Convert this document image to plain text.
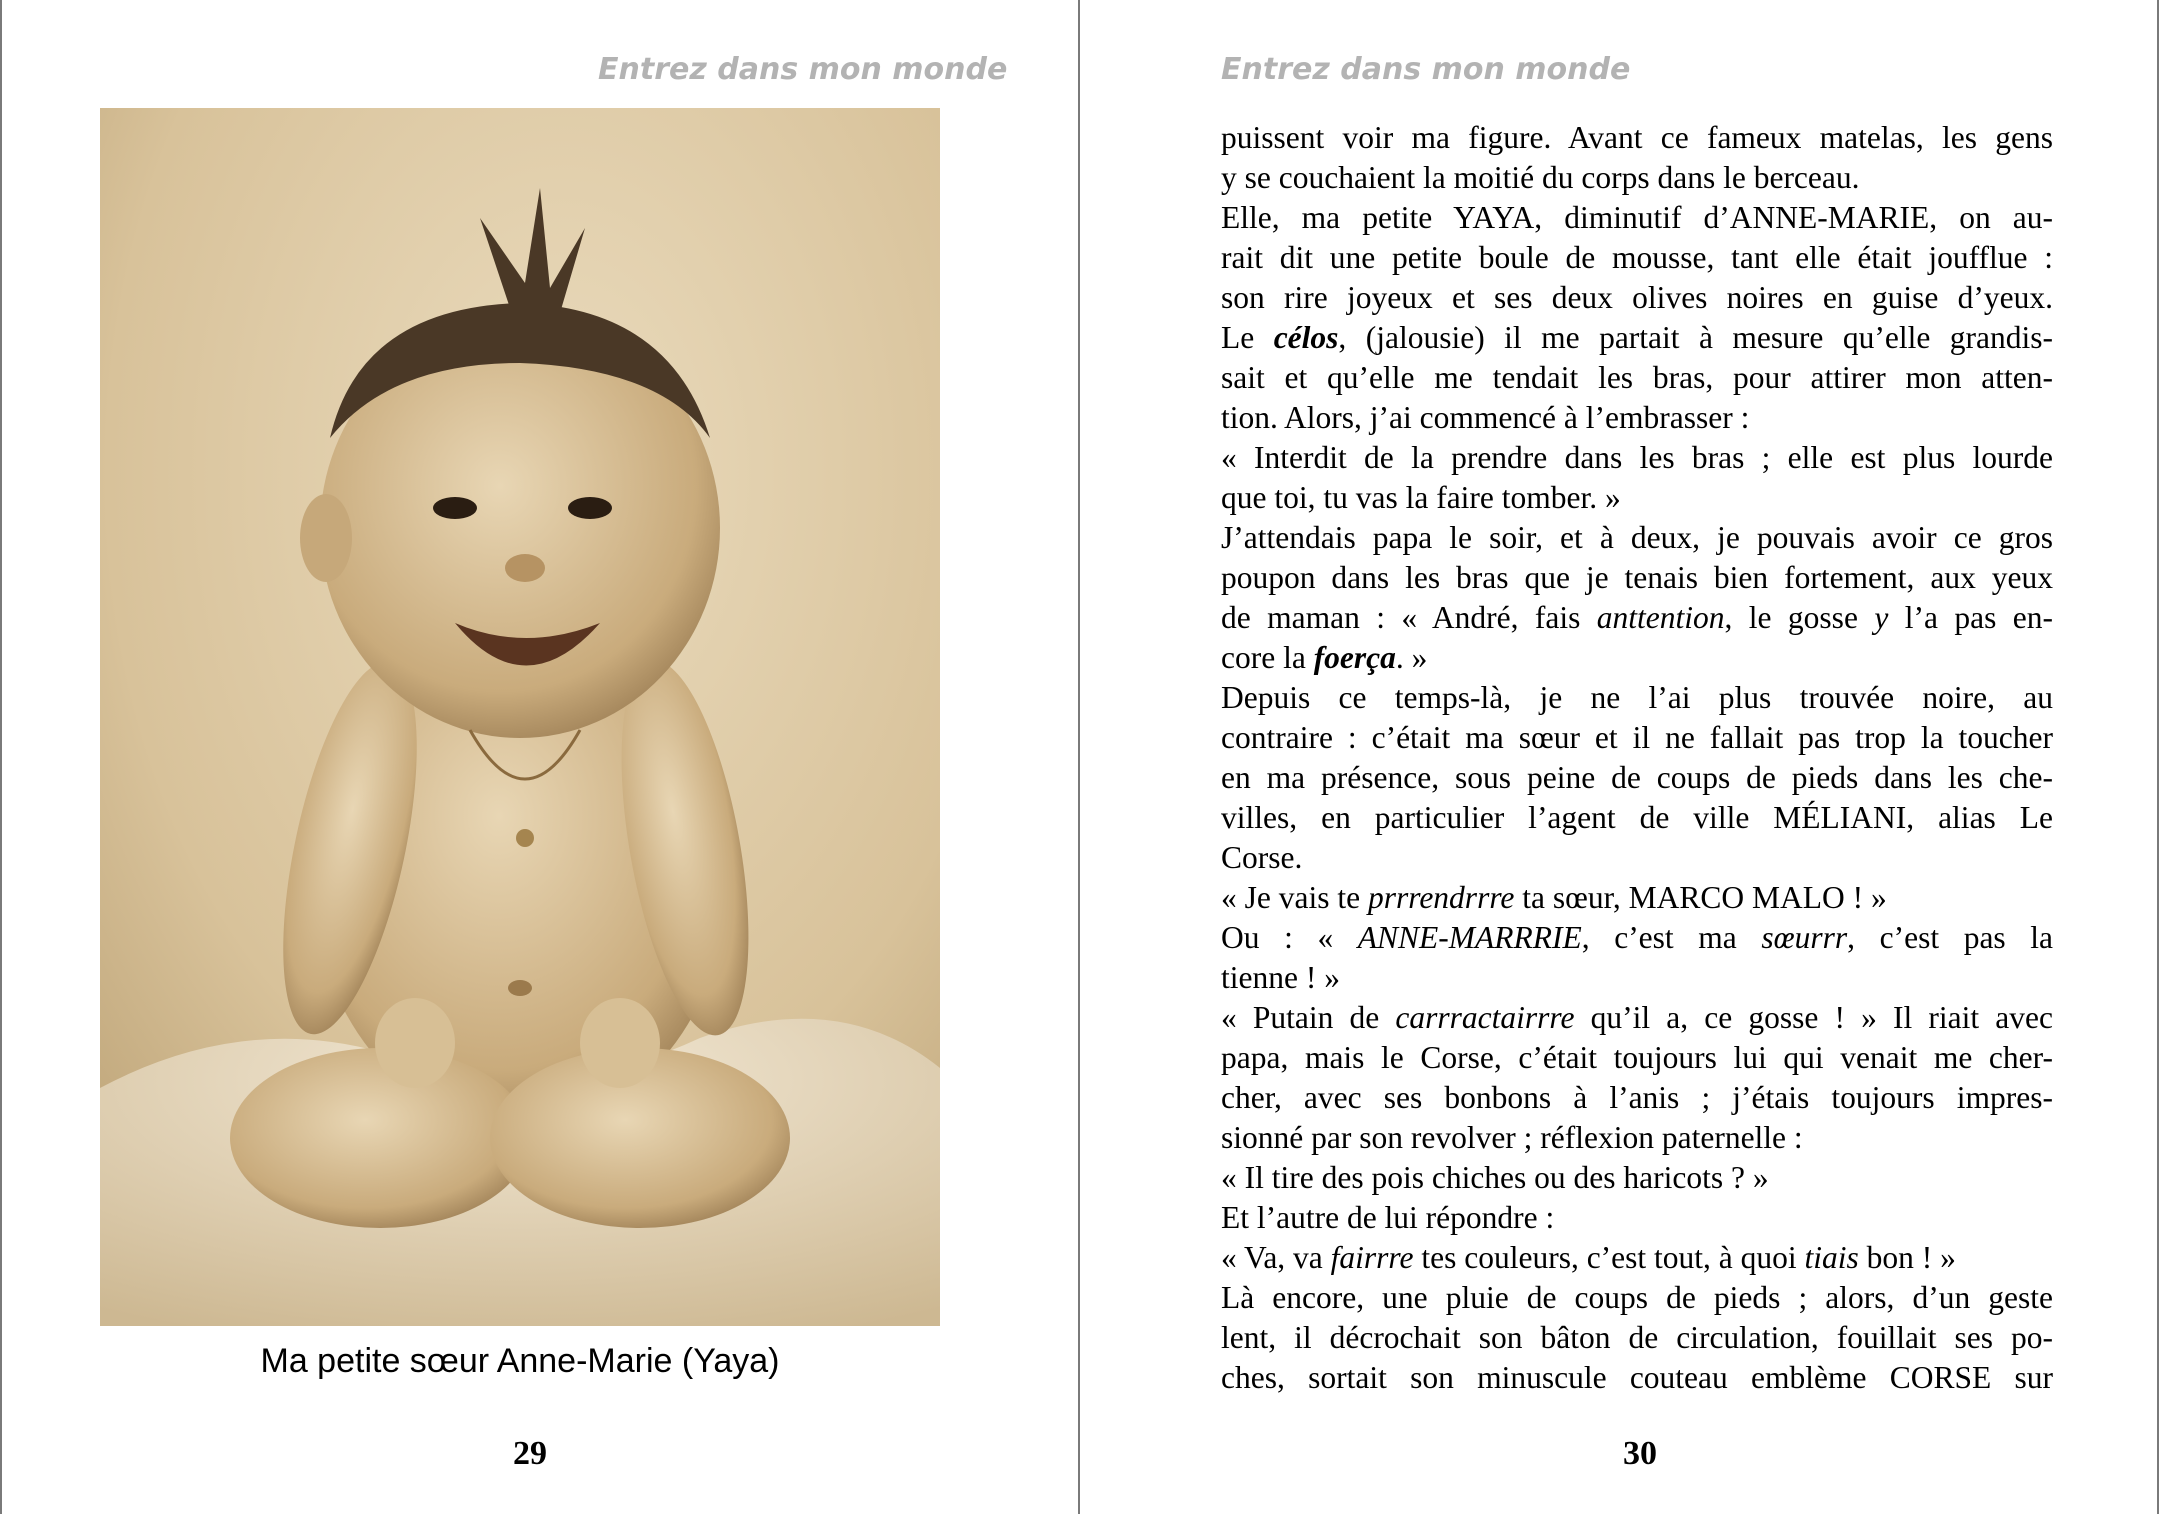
Entrez dans mon monde	Entrez dans mon monde
Ma petite sœur Anne-Marie (Yaya)
29	30
puissent voir ma figure. Avant ce fameux matelas, les gens
y se couchaient la moitié du corps dans le berceau.
Elle, ma petite YAYA, diminutif d’ANNE-MARIE, on au-
rait dit une petite boule de mousse, tant elle était joufflue :
son rire joyeux et ses deux olives noires en guise d’yeux.
Le célos, (jalousie) il me partait à mesure qu’elle grandis-
sait et qu’elle me tendait les bras, pour attirer mon atten-
tion. Alors, j’ai commencé à l’embrasser :
« Interdit de la prendre dans les bras ; elle est plus lourde
que toi, tu vas la faire tomber. »
J’attendais papa le soir, et à deux, je pouvais avoir ce gros
poupon dans les bras que je tenais bien fortement, aux yeux
de maman : « André, fais anttention, le gosse y l’a pas en-
core la foerça. »
Depuis ce temps-là, je ne l’ai plus trouvée noire, au
contraire : c’était ma sœur et il ne fallait pas trop la toucher
en ma présence, sous peine de coups de pieds dans les che-
villes, en particulier l’agent de ville MÉLIANI, alias Le
Corse.
« Je vais te prrrendrrre ta sœur, MARCO MALO ! »
Ou : « ANNE-MARRRIE, c’est ma sœurrr, c’est pas la
tienne ! »
« Putain de carrractairrre qu’il a, ce gosse ! » Il riait avec
papa, mais le Corse, c’était toujours lui qui venait me cher-
cher, avec ses bonbons à l’anis ; j’étais toujours impres-
sionné par son revolver ; réflexion paternelle :
« Il tire des pois chiches ou des haricots ? »
Et l’autre de lui répondre :
« Va, va fairrre tes couleurs, c’est tout, à quoi tiais bon ! »
Là encore, une pluie de coups de pieds ; alors, d’un geste
lent, il décrochait son bâton de circulation, fouillait ses po-
ches, sortait son minuscule couteau emblème CORSE sur
